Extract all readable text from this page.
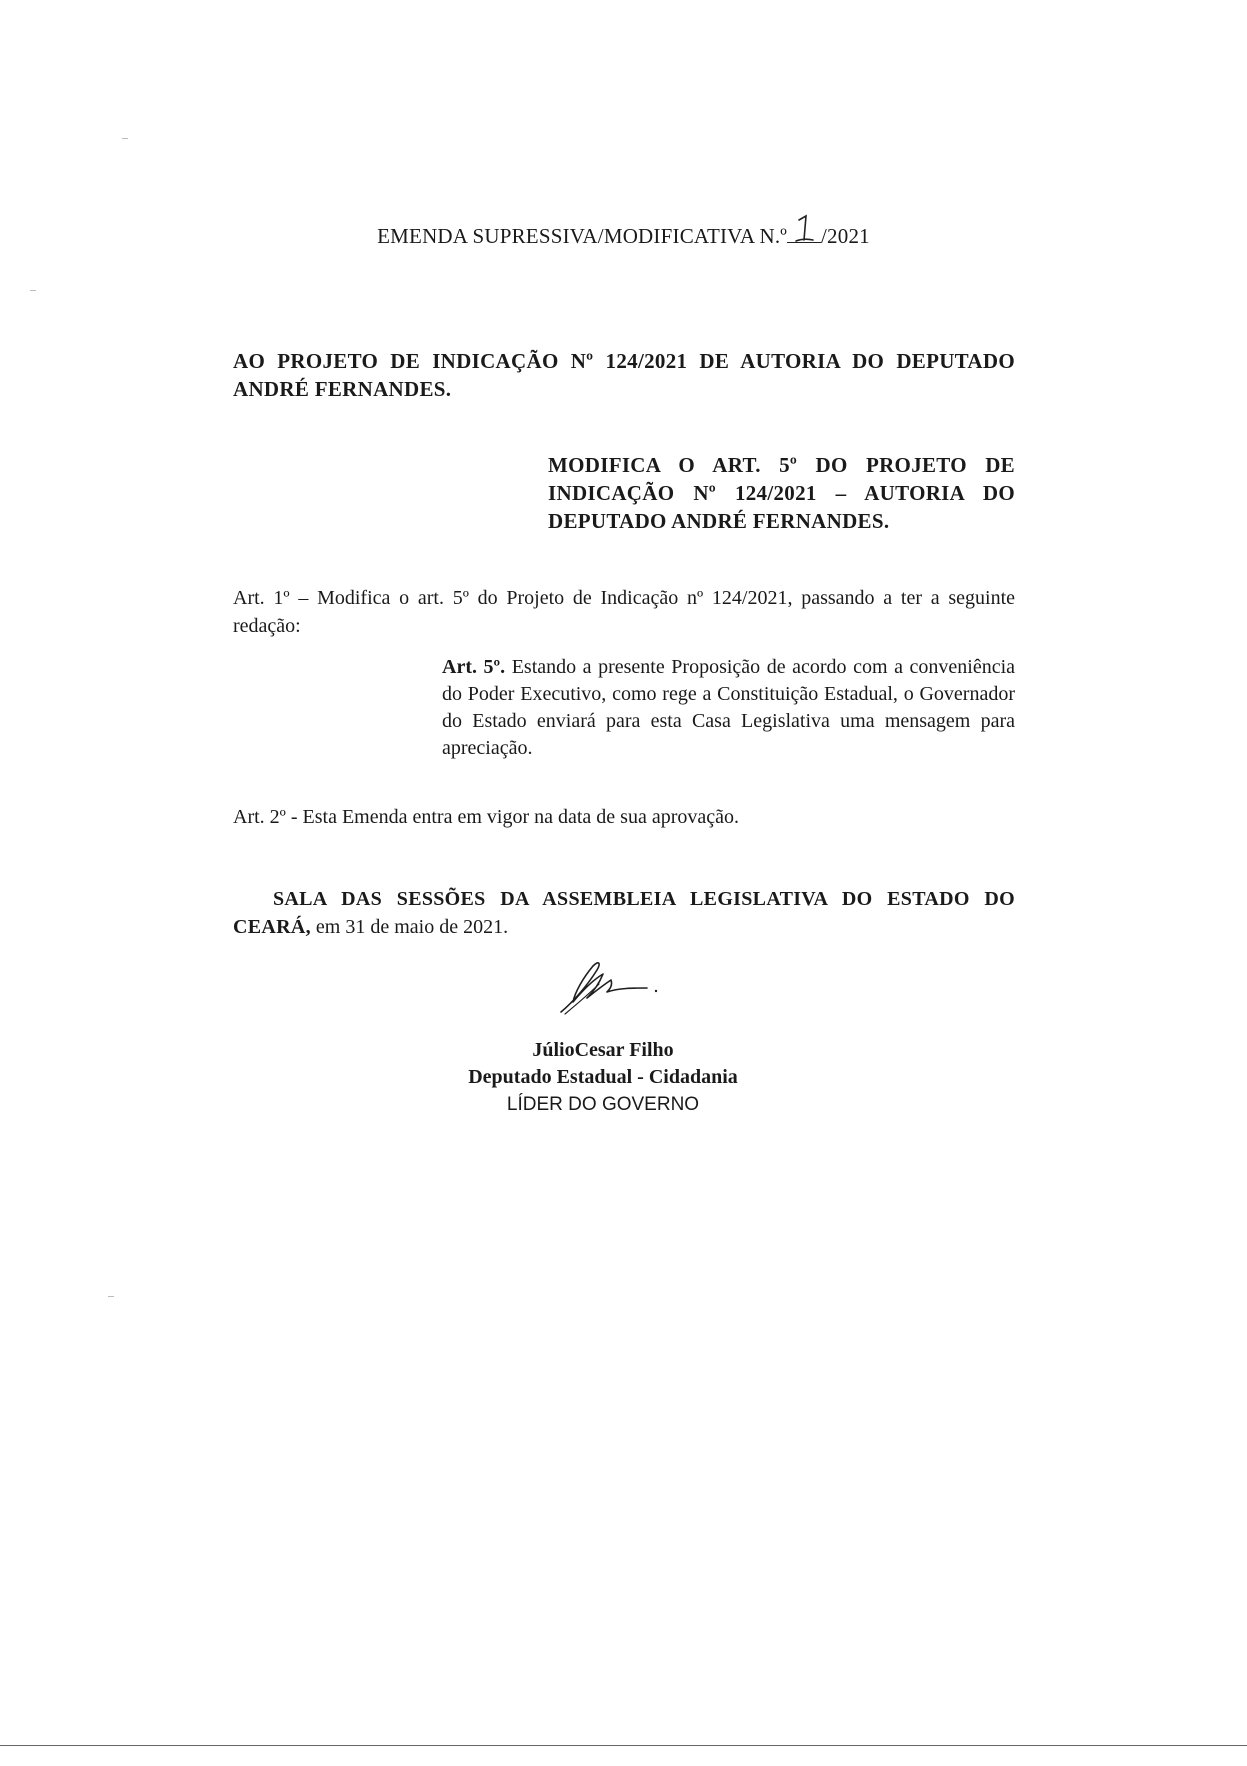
EMENDA SUPRESSIVA/MODIFICATIVA N.º /2021
AO PROJETO DE INDICAÇÃO Nº 124/2021 DE AUTORIA DO DEPUTADO ANDRÉ FERNANDES.
MODIFICA O ART. 5º DO PROJETO DE INDICAÇÃO Nº 124/2021 – AUTORIA DO DEPUTADO ANDRÉ FERNANDES.
Art. 1º – Modifica o art. 5º do Projeto de Indicação nº 124/2021, passando a ter a seguinte redação:
Art. 5º. Estando a presente Proposição de acordo com a conveniência do Poder Executivo, como rege a Constituição Estadual, o Governador do Estado enviará para esta Casa Legislativa uma mensagem para apreciação.
Art. 2º - Esta Emenda entra em vigor na data de sua aprovação.
SALA DAS SESSÕES DA ASSEMBLEIA LEGISLATIVA DO ESTADO DO CEARÁ, em 31 de maio de 2021.
JúlioCesar Filho
Deputado Estadual - Cidadania
LÍDER DO GOVERNO
